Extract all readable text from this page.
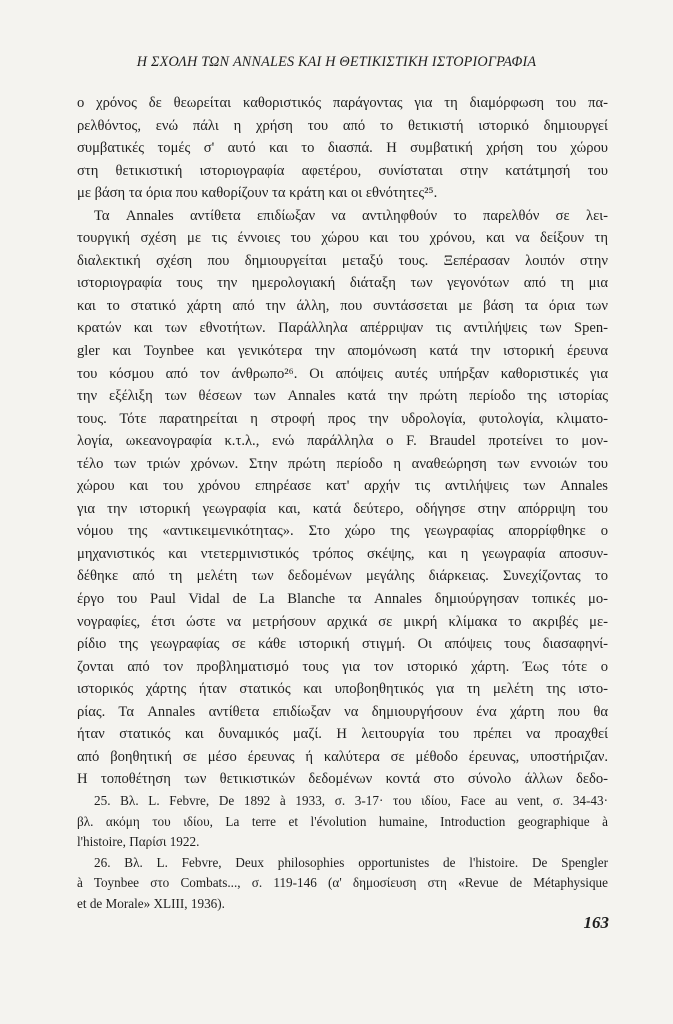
Η ΣΧΟΛΗ ΤΩΝ ANNALES ΚΑΙ Η ΘΕΤΙΚΙΣΤΙΚΗ ΙΣΤΟΡΙΟΓΡΑΦΙΑ
ο χρόνος δε θεωρείται καθοριστικός παράγοντας για τη διαμόρφωση του πα-
ρελθόντος, ενώ πάλι η χρήση του από το θετικιστή ιστορικό δημιουργεί
συμβατικές τομές σ' αυτό και το διασπά. Η συμβατική χρήση του χώρου
στη θετικιστική ιστοριογραφία αφετέρου, συνίσταται στην κατάτμησή του
με βάση τα όρια που καθορίζουν τα κράτη και οι εθνότητες²⁵.
Τα Annales αντίθετα επιδίωξαν να αντιληφθούν το παρελθόν σε λει-
τουργική σχέση με τις έννοιες του χώρου και του χρόνου, και να δείξουν τη
διαλεκτική σχέση που δημιουργείται μεταξύ τους. Ξεπέρασαν λοιπόν στην
ιστοριογραφία τους την ημερολογιακή διάταξη των γεγονότων από τη μια
και το στατικό χάρτη από την άλλη, που συντάσσεται με βάση τα όρια των
κρατών και των εθνοτήτων. Παράλληλα απέρριψαν τις αντιλήψεις των Spen-
gler και Toynbee και γενικότερα την απομόνωση κατά την ιστορική έρευνα
του κόσμου από τον άνθρωπο²⁶. Οι απόψεις αυτές υπήρξαν καθοριστικές για
την εξέλιξη των θέσεων των Annales κατά την πρώτη περίοδο της ιστορίας
τους. Τότε παρατηρείται η στροφή προς την υδρολογία, φυτολογία, κλιματο-
λογία, ωκεανογραφία κ.τ.λ., ενώ παράλληλα ο F. Braudel προτείνει το μον-
τέλο των τριών χρόνων. Στην πρώτη περίοδο η αναθεώρηση των εννοιών του
χώρου και του χρόνου επηρέασε κατ' αρχήν τις αντιλήψεις των Annales
για την ιστορική γεωγραφία και, κατά δεύτερο, οδήγησε στην απόρριψη του
νόμου της «αντικειμενικότητας». Στο χώρο της γεωγραφίας απορρίφθηκε ο
μηχανιστικός και ντετερμινιστικός τρόπος σκέψης, και η γεωγραφία αποσυν-
δέθηκε από τη μελέτη των δεδομένων μεγάλης διάρκειας. Συνεχίζοντας το
έργο του Paul Vidal de La Blanche τα Annales δημιούργησαν τοπικές μο-
νογραφίες, έτσι ώστε να μετρήσουν αρχικά σε μικρή κλίμακα το ακριβές με-
ρίδιο της γεωγραφίας σε κάθε ιστορική στιγμή. Οι απόψεις τους διασαφηνί-
ζονται από τον προβληματισμό τους για τον ιστορικό χάρτη. Έως τότε ο
ιστορικός χάρτης ήταν στατικός και υποβοηθητικός για τη μελέτη της ιστο-
ρίας. Τα Annales αντίθετα επιδίωξαν να δημιουργήσουν ένα χάρτη που θα
ήταν στατικός και δυναμικός μαζί. Η λειτουργία του πρέπει να προαχθεί
από βοηθητική σε μέσο έρευνας ή καλύτερα σε μέθοδο έρευνας, υποστήριζαν.
Η τοποθέτηση των θετικιστικών δεδομένων κοντά στο σύνολο άλλων δεδο-
25. Βλ. L. Febvre, De 1892 à 1933, σ. 3-17· του ιδίου, Face au vent, σ. 34-43·
βλ. ακόμη του ιδίου, La terre et l'évolution humaine, Introduction geographique à
l'histoire, Παρίσι 1922.
26. Βλ. L. Febvre, Deux philosophies opportunistes de l'histoire. De Spengler
à Toynbee στο Combats..., σ. 119-146 (α' δημοσίευση στη «Revue de Métaphysique
et de Morale» XLIII, 1936).
163
